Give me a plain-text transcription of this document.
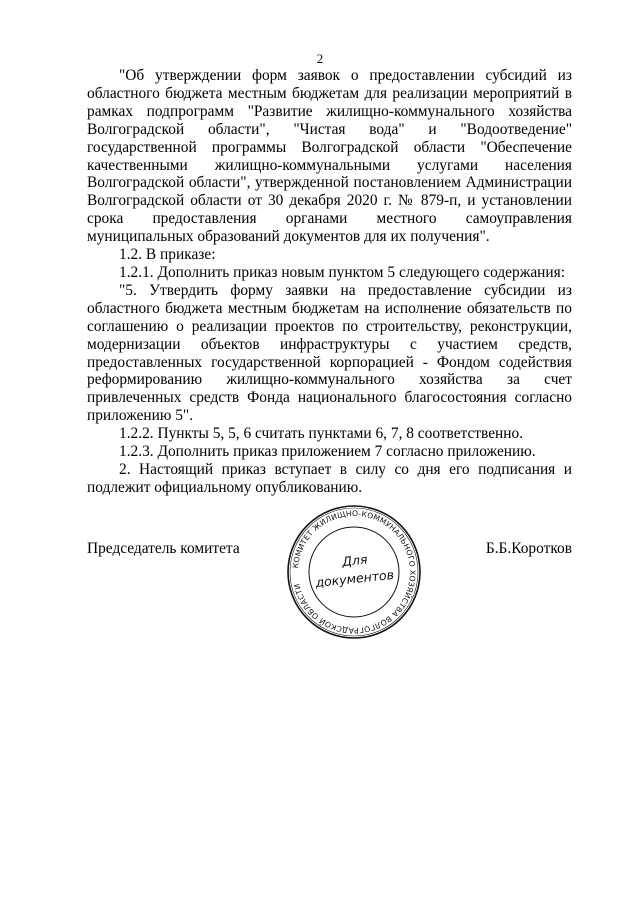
2

"Об утверждении форм заявок о предоставлении субсидий из областного бюджета местным бюджетам для реализации мероприятий в рамках подпрограмм "Развитие жилищно-коммунального хозяйства Волгоградской области", "Чистая вода" и "Водоотведение" государственной программы Волгоградской области "Обеспечение качественными жилищно-коммунальными услугами населения Волгоградской области", утвержденной постановлением Администрации Волгоградской области от 30 декабря 2020 г. № 879-п, и установлении срока предоставления органами местного самоуправления муниципальных образований документов для их получения".

1.2. В приказе:

1.2.1. Дополнить приказ новым пунктом 5 следующего содержания:

"5. Утвердить форму заявки на предоставление субсидии из областного бюджета местным бюджетам на исполнение обязательств по соглашению о реализации проектов по строительству, реконструкции, модернизации объектов инфраструктуры с участием средств, предоставленных государственной корпорацией - Фондом содействия реформированию жилищно-коммунального хозяйства за счет привлеченных средств Фонда национального благосостояния согласно приложению 5".

1.2.2. Пункты 5, 5, 6 считать пунктами 6, 7, 8 соответственно.

1.2.3. Дополнить приказ приложением 7 согласно приложению.

2. Настоящий приказ вступает в силу со дня его подписания и подлежит официальному опубликованию.

Председатель комитета	Б.Б.Коротков
КОМИТЕТ ЖИЛИЩНО-КОММУНАЛЬНОГО ХОЗЯЙСТВА ВОЛГОГРАДСКОЙ ОБЛАСТИ
Для
документов
